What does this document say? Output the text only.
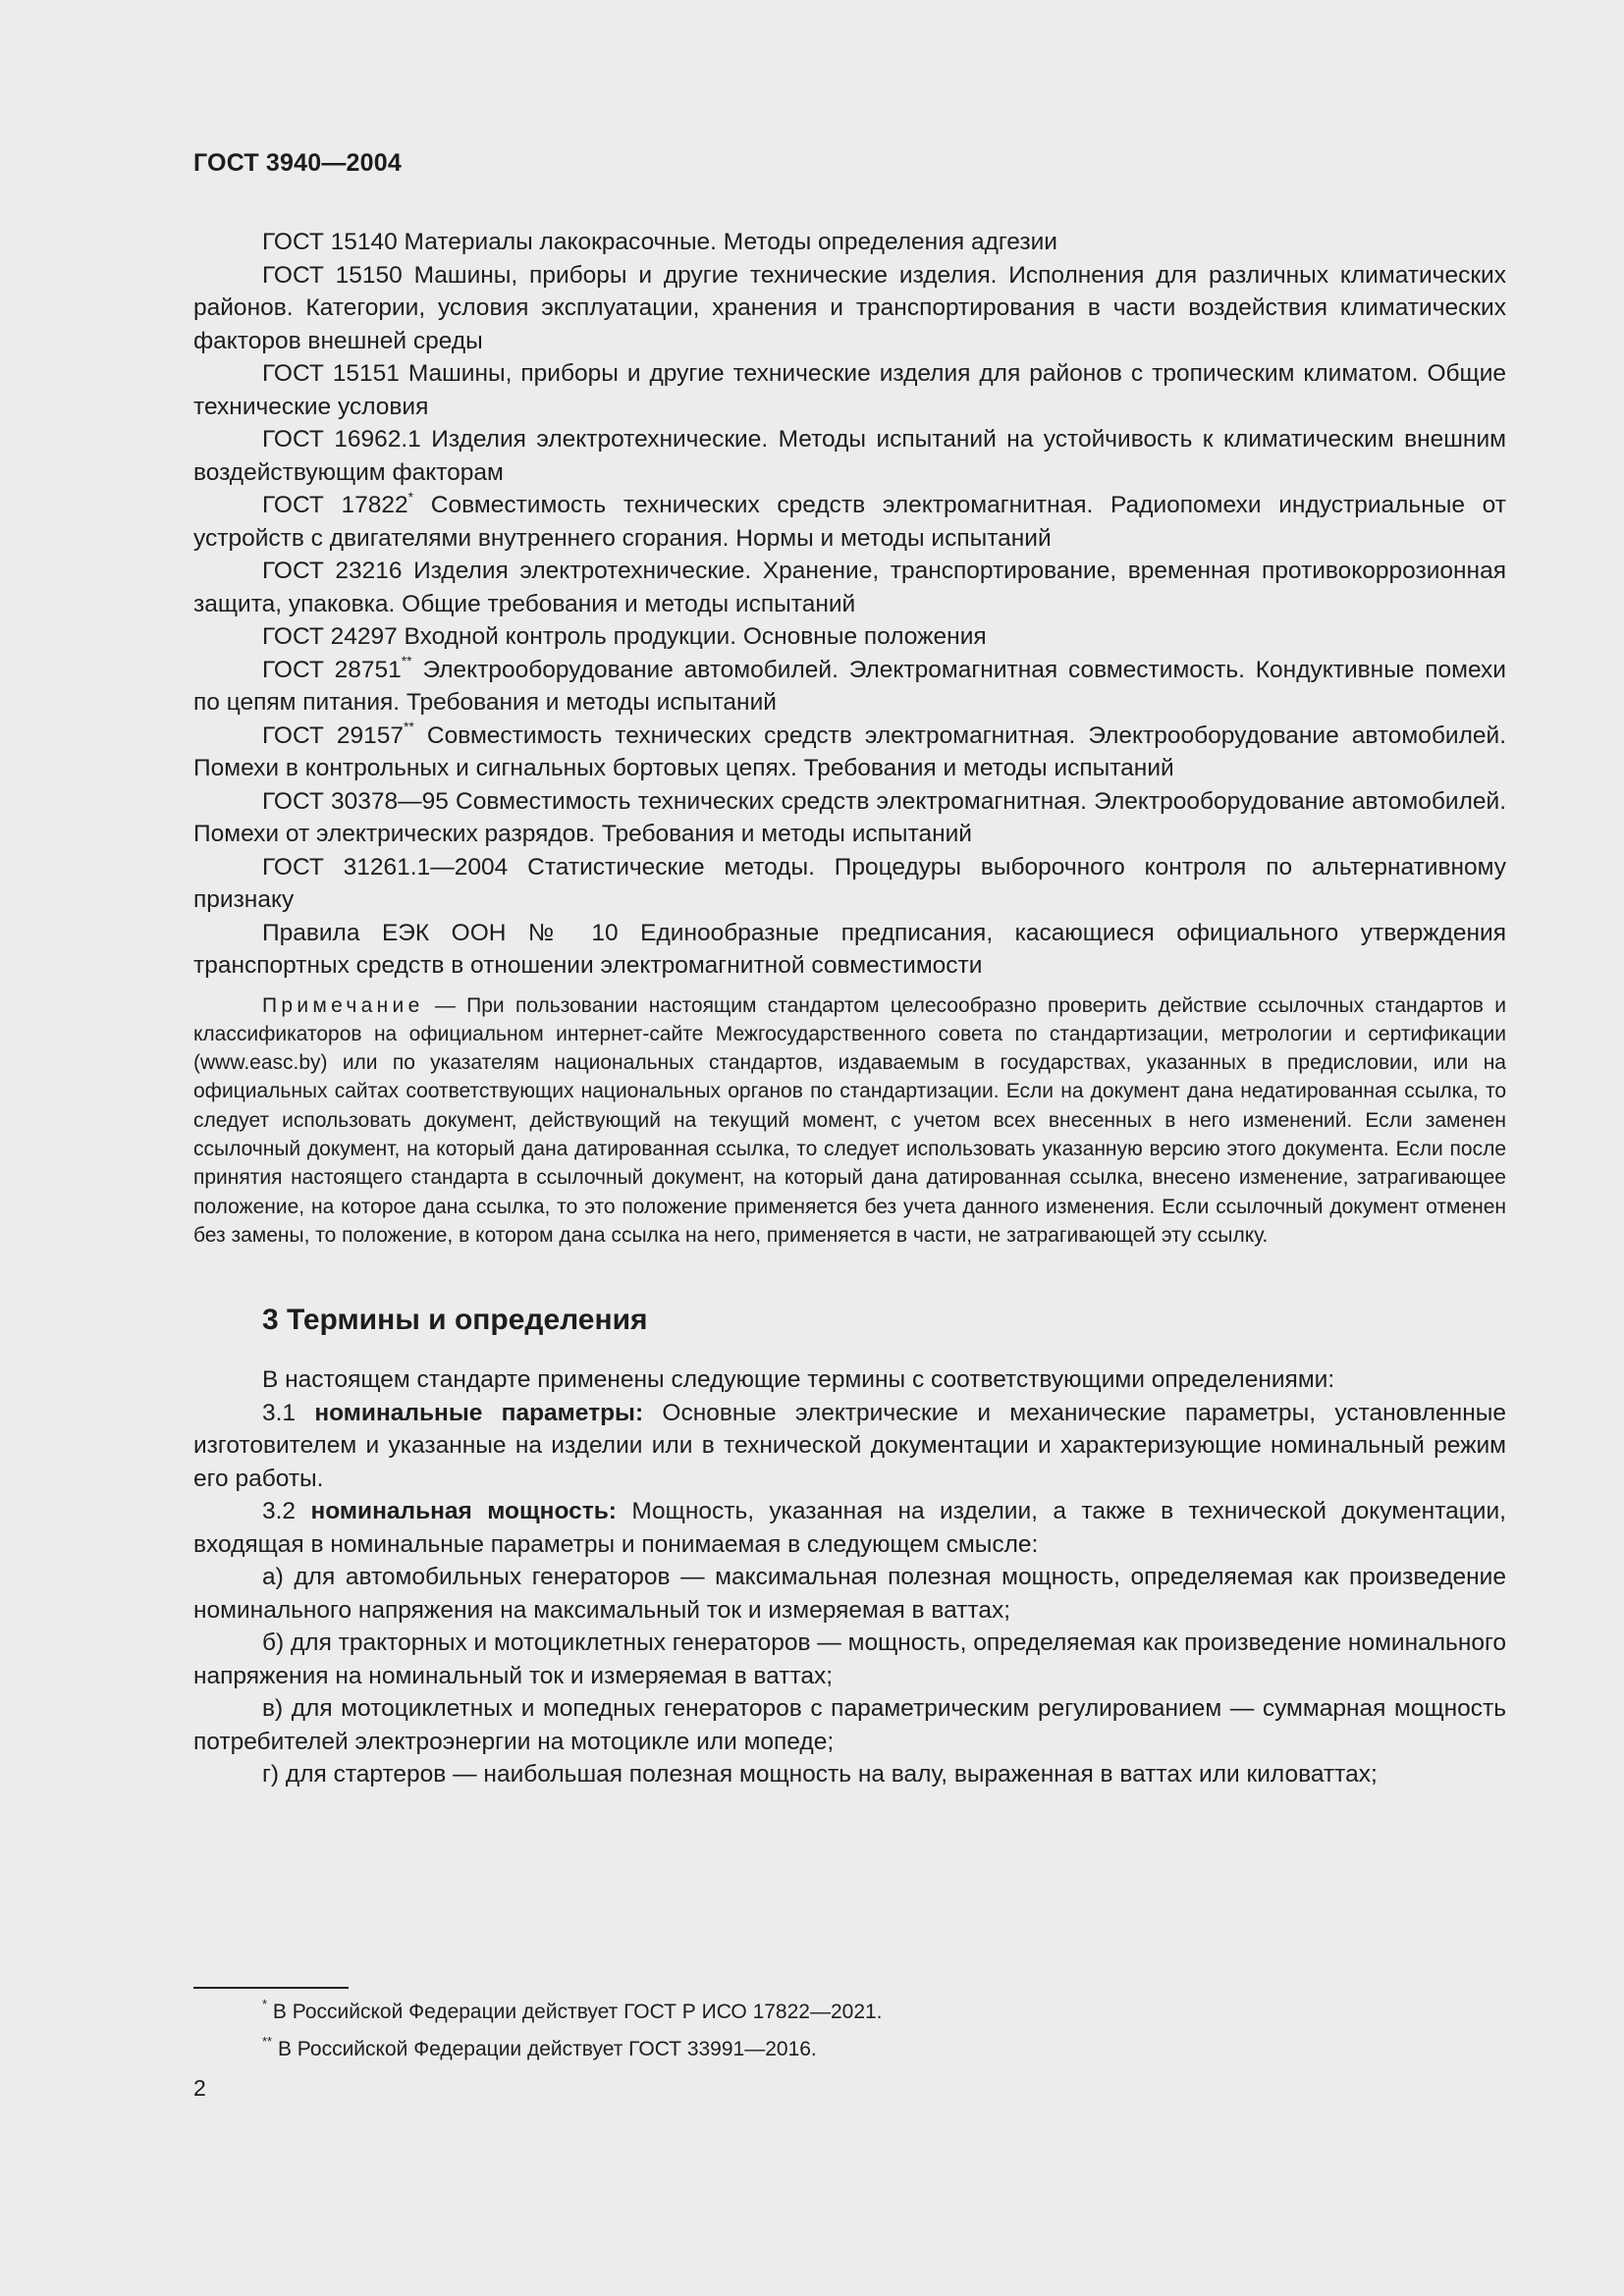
ГОСТ 3940—2004

ГОСТ 15140 Материалы лакокрасочные. Методы определения адгезии

ГОСТ 15150 Машины, приборы и другие технические изделия. Исполнения для различных климатических районов. Категории, условия эксплуатации, хранения и транспортирования в части воздействия климатических факторов внешней среды

ГОСТ 15151 Машины, приборы и другие технические изделия для районов с тропическим климатом. Общие технические условия

ГОСТ 16962.1 Изделия электротехнические. Методы испытаний на устойчивость к климатическим внешним воздействующим факторам

ГОСТ 17822* Совместимость технических средств электромагнитная. Радиопомехи индустриальные от устройств с двигателями внутреннего сгорания. Нормы и методы испытаний

ГОСТ 23216 Изделия электротехнические. Хранение, транспортирование, временная противокоррозионная защита, упаковка. Общие требования и методы испытаний

ГОСТ 24297 Входной контроль продукции. Основные положения

ГОСТ 28751** Электрооборудование автомобилей. Электромагнитная совместимость. Кондуктивные помехи по цепям питания. Требования и методы испытаний

ГОСТ 29157** Совместимость технических средств электромагнитная. Электрооборудование автомобилей. Помехи в контрольных и сигнальных бортовых цепях. Требования и методы испытаний

ГОСТ 30378—95 Совместимость технических средств электромагнитная. Электрооборудование автомобилей. Помехи от электрических разрядов. Требования и методы испытаний

ГОСТ 31261.1—2004 Статистические методы. Процедуры выборочного контроля по альтернативному признаку

Правила ЕЭК ООН № 10 Единообразные предписания, касающиеся официального утверждения транспортных средств в отношении электромагнитной совместимости

Примечание — При пользовании настоящим стандартом целесообразно проверить действие ссылочных стандартов и классификаторов на официальном интернет-сайте Межгосударственного совета по стандартизации, метрологии и сертификации (www.easc.by) или по указателям национальных стандартов, издаваемым в государствах, указанных в предисловии, или на официальных сайтах соответствующих национальных органов по стандартизации. Если на документ дана недатированная ссылка, то следует использовать документ, действующий на текущий момент, с учетом всех внесенных в него изменений. Если заменен ссылочный документ, на который дана датированная ссылка, то следует использовать указанную версию этого документа. Если после принятия настоящего стандарта в ссылочный документ, на который дана датированная ссылка, внесено изменение, затрагивающее положение, на которое дана ссылка, то это положение применяется без учета данного изменения. Если ссылочный документ отменен без замены, то положение, в котором дана ссылка на него, применяется в части, не затрагивающей эту ссылку.

3 Термины и определения

В настоящем стандарте применены следующие термины с соответствующими определениями:

3.1 номинальные параметры: Основные электрические и механические параметры, установленные изготовителем и указанные на изделии или в технической документации и характеризующие номинальный режим его работы.

3.2 номинальная мощность: Мощность, указанная на изделии, а также в технической документации, входящая в номинальные параметры и понимаемая в следующем смысле:

а) для автомобильных генераторов — максимальная полезная мощность, определяемая как произведение номинального напряжения на максимальный ток и измеряемая в ваттах;

б) для тракторных и мотоциклетных генераторов — мощность, определяемая как произведение номинального напряжения на номинальный ток и измеряемая в ваттах;

в) для мотоциклетных и мопедных генераторов с параметрическим регулированием — суммарная мощность потребителей электроэнергии на мотоцикле или мопеде;

г) для стартеров — наибольшая полезная мощность на валу, выраженная в ваттах или киловаттах;

* В Российской Федерации действует ГОСТ Р ИСО 17822—2021.

** В Российской Федерации действует ГОСТ 33991—2016.

2
